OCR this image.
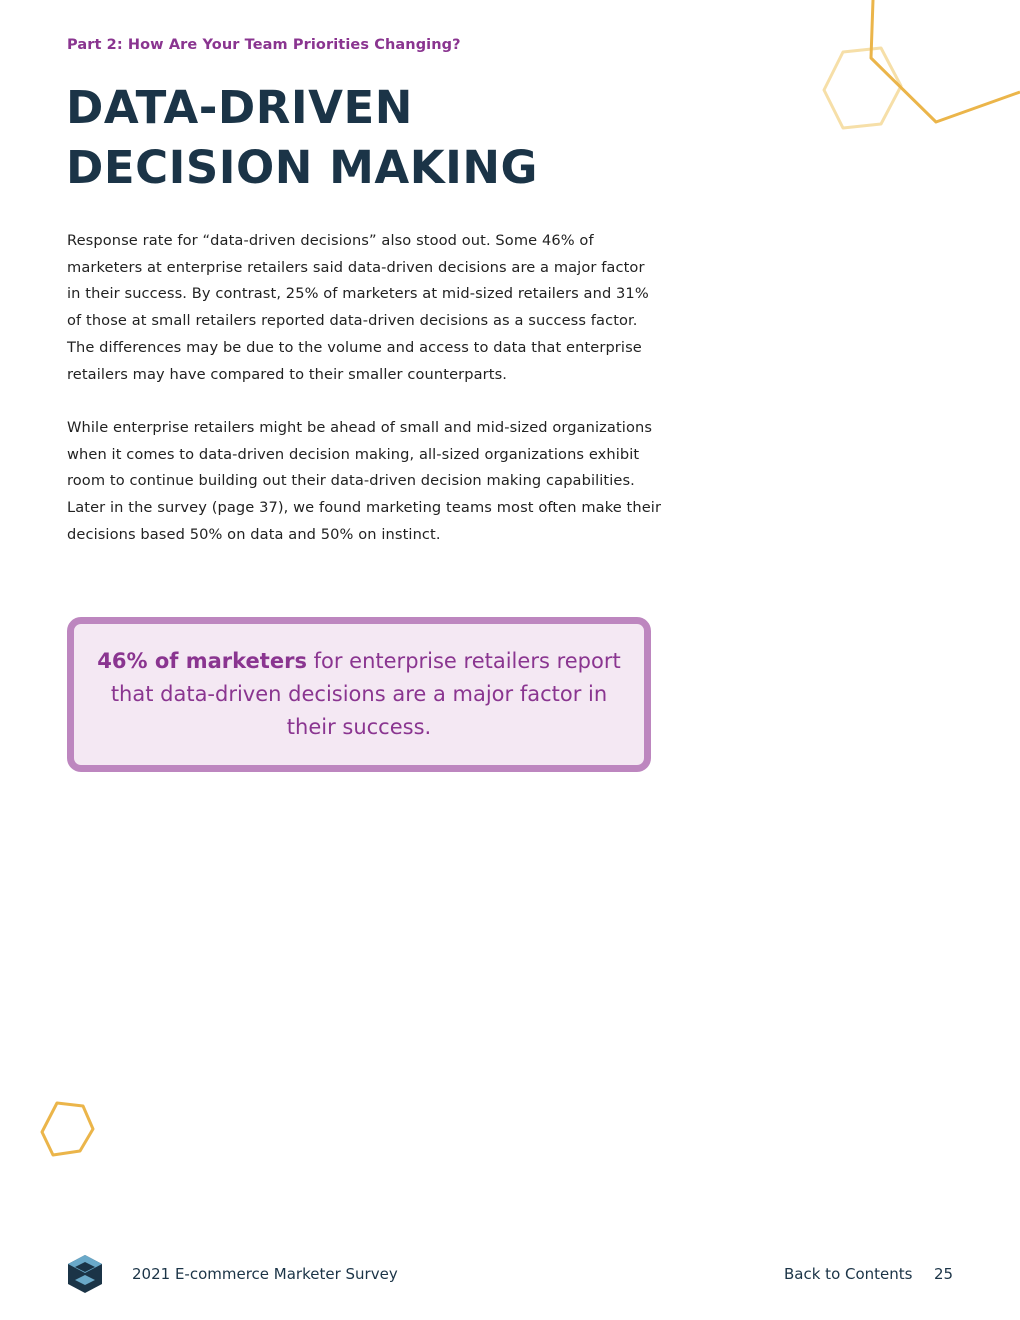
Part 2: How Are Your Team Priorities Changing?
DATA-DRIVEN
DECISION MAKING

Response rate for “data-driven decisions” also stood out. Some 46% of
marketers at enterprise retailers said data-driven decisions are a major factor
in their success. By contrast, 25% of marketers at mid-sized retailers and 31%
of those at small retailers reported data-driven decisions as a success factor.
The differences may be due to the volume and access to data that enterprise
retailers may have compared to their smaller counterparts.

While enterprise retailers might be ahead of small and mid-sized organizations
when it comes to data-driven decision making, all-sized organizations exhibit
room to continue building out their data-driven decision making capabilities.
Later in the survey (page 37), we found marketing teams most often make their
decisions based 50% on data and 50% on instinct.

46% of marketers for enterprise retailers report that data-driven decisions are a major factor in their success.

2021 E-commerce Marketer Survey	Back to Contents 25
